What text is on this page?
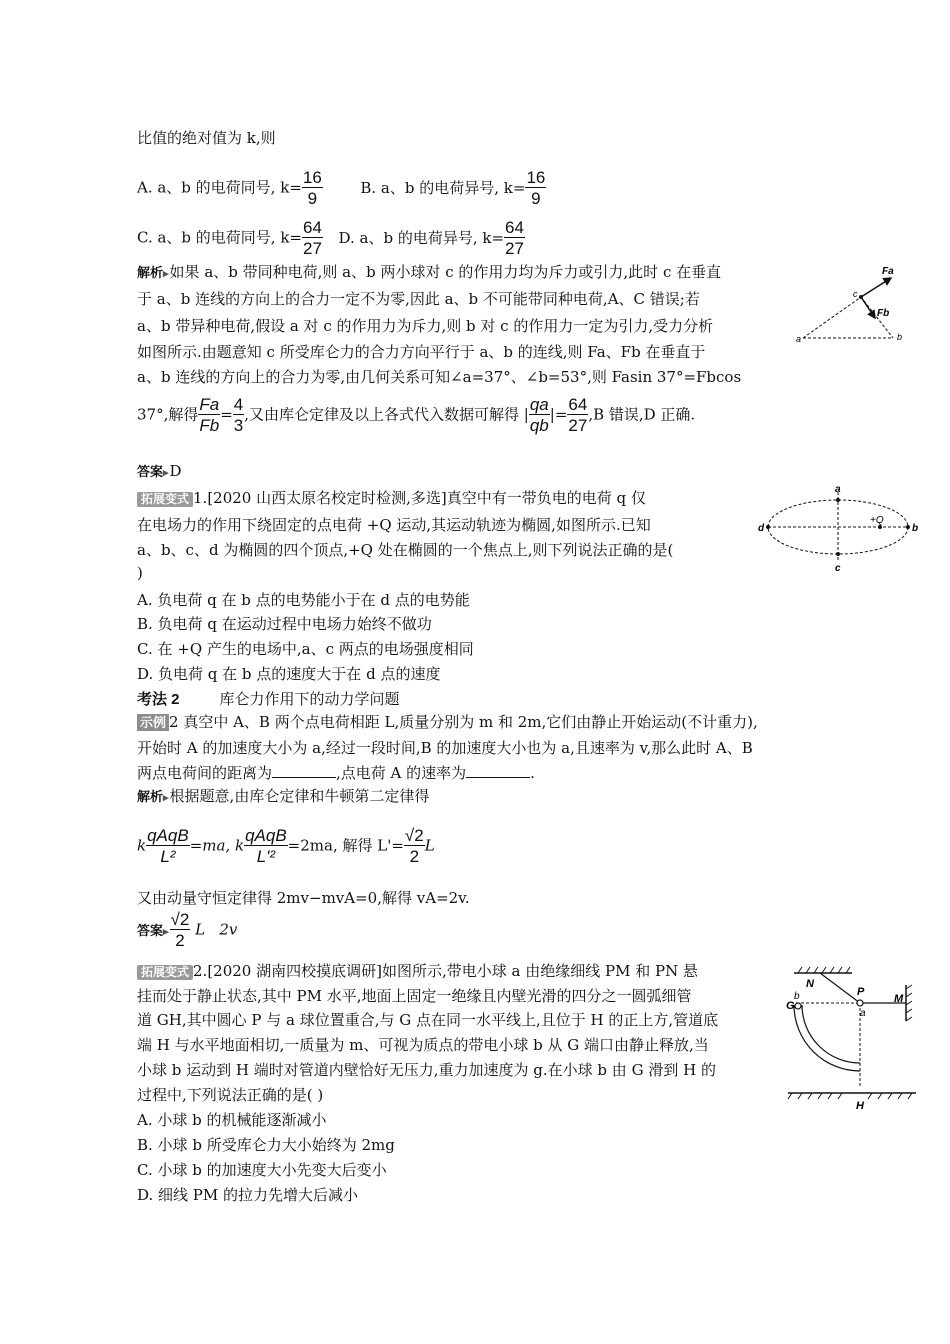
比值的绝对值为 k,则
A. a、b 的电荷同号, $k= \frac{16}{9}$	B. a、b 的电荷异号, $k= \frac{16}{9}$
C. a、b 的电荷同号, $k= \frac{64}{27} D$. a、b 的电荷异号, $k= \frac{64}{27}$
解析 ▸ 如果 a、b 带同种电荷,则 a、b 两小球对 c 的作用力均为斥力或引力,此时 c 在垂直
于 a、b 连线的方向上的合力一定不为零,因此 a、b 不可能带同种电荷,A、C 错误;若
a、b 带异种电荷,假设 a 对 c 的作用力为斥力,则 b 对 c 的作用力一定为引力,受力分析
如图所示.由题意知 c 所受库仑力的合力方向平行于 a、b 的连线,则 Fa、Fb 在垂直于
a、b 连线的方向上的合力为零,由几何关系可知∠a=37°、∠b=53°,则 Fasin 37°=Fbcos
37°,解得 $\frac{Fa}{Fb} = \frac{4}{3}$ ,又由库仑定律及以上各式代入数据可解得 | $\frac{qa}{qb}$ |= $\frac{64}{27} ,B$ 错误,D 正确.
答案 ▸ D
拓展变式 1.[2020 山西太原名校定时检测,多选]真空中有一带负电的电荷 q 仅
在电场力的作用下绕固定的点电荷 +Q 运动,其运动轨迹为椭圆,如图所示.已知
a、b、c、d 为椭圆的四个顶点,+Q 处在椭圆的一个焦点上,则下列说法正确的是(
)
A. 负电荷 q 在 b 点的电势能小于在 d 点的电势能
B. 负电荷 q 在运动过程中电场力始终不做功
C. 在 +Q 产生的电场中,a、c 两点的电场强度相同
D. 负电荷 q 在 b 点的速度大于在 d 点的速度
考法 2	库仑力作用下的动力学问题
示例 2 真空中 A、B 两个点电荷相距 L,质量分别为 m 和 2m,它们由静止开始运动(不计重力),
开始时 A 的加速度大小为 a,经过一段时间,B 的加速度大小也为 a,且速率为 v,那么此时 A、B
两点电荷间的距离为	,点电荷 A 的速率为	.
解析 ▸ 根据题意,由库仑定律和牛顿第二定律得
k $\frac{\text{qAqB}}{\text{L²}} =ma$, k $\frac{\text{qAqB}}{\text{L'²}} =2ma$, 解得 $L'= \frac{√2}{2}$ L
又由动量守恒定律得 2mv−mvA=0,解得 vA=2v.
答案 ▸ $\frac{√2}{2}$ L   2v
拓展变式 2.[2020 湖南四校摸底调研]如图所示,带电小球 a 由绝缘细线 PM 和 PN 悬
挂而处于静止状态,其中 PM 水平,地面上固定一绝缘且内壁光滑的四分之一圆弧细管
道 GH,其中圆心 P 与 a 球位置重合,与 G 点在同一水平线上,且位于 H 的正上方,管道底
端 H 与水平地面相切,一质量为 m、可视为质点的带电小球 b 从 G 端口由静止释放,当
小球 b 运动到 H 端时对管道内壁恰好无压力,重力加速度为 g.在小球 b 由 G 滑到 H 的
过程中,下列说法正确的是( )
A. 小球 b 的机械能逐渐减小
B. 小球 b 所受库仑力大小始终为 2mg
C. 小球 b 的加速度大小先变大后变小
D. 细线 PM 的拉力先增大后减小
Fa
Fb
c
a	b
a
c
d	b
+Q
N
P
a
M
b
G
H
